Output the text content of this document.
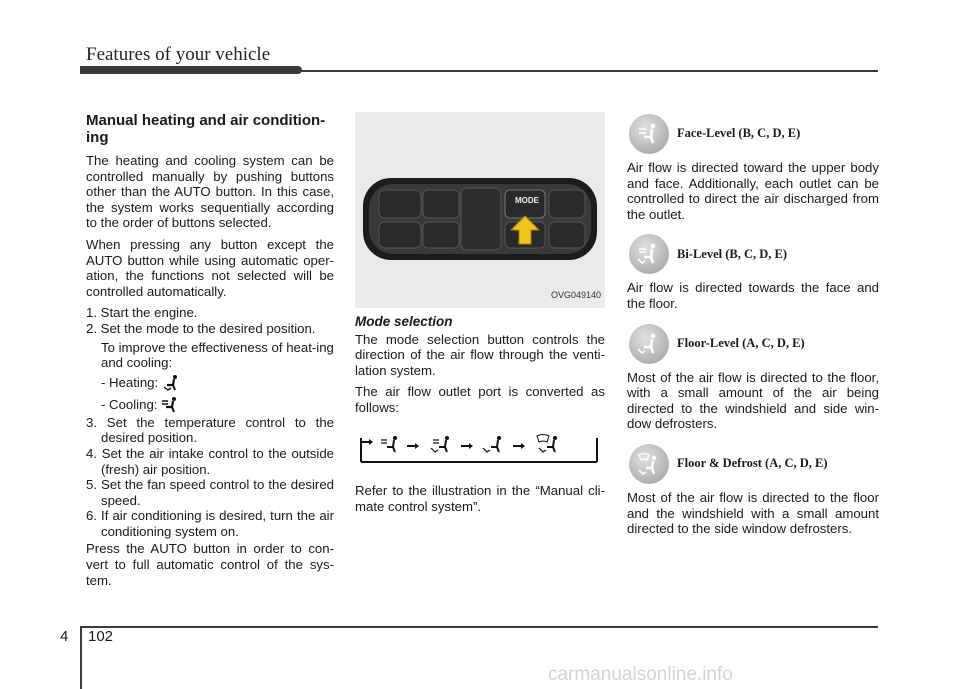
Features of your vehicle
Manual heating and air condition-ing

The heating and cooling system can be controlled manually by pushing buttons other than the AUTO button. In this case, the system works sequentially according to the order of buttons selected.

When pressing any button except the AUTO button while using automatic oper-ation, the functions not selected will be controlled automatically.

1. Start the engine.
2. Set the mode to the desired position.
To improve the effectiveness of heat-ing and cooling:
- Heating:
- Cooling:
3. Set the temperature control to the desired position.
4. Set the air intake control to the outside (fresh) air position.
5. Set the fan speed control to the desired speed.
6. If air conditioning is desired, turn the air conditioning system on.

Press the AUTO button in order to con-vert to full automatic control of the sys-tem.

MODE
OVG049140
Mode selection

The mode selection button controls the direction of the air flow through the venti-lation system.

The air flow outlet port is converted as follows:

Refer to the illustration in the “Manual cli-mate control system”.

Face-Level (B, C, D, E)

Air flow is directed toward the upper body and face. Additionally, each outlet can be controlled to direct the air discharged from the outlet.

Bi-Level (B, C, D, E)

Air flow is directed towards the face and the floor.

Floor-Level (A, C, D, E)

Most of the air flow is directed to the floor, with a small amount of the air being directed to the windshield and side win-dow defrosters.

Floor & Defrost (A, C, D, E)

Most of the air flow is directed to the floor and the windshield with a small amount directed to the side window defrosters.

4 102
carmanualsonline.info
